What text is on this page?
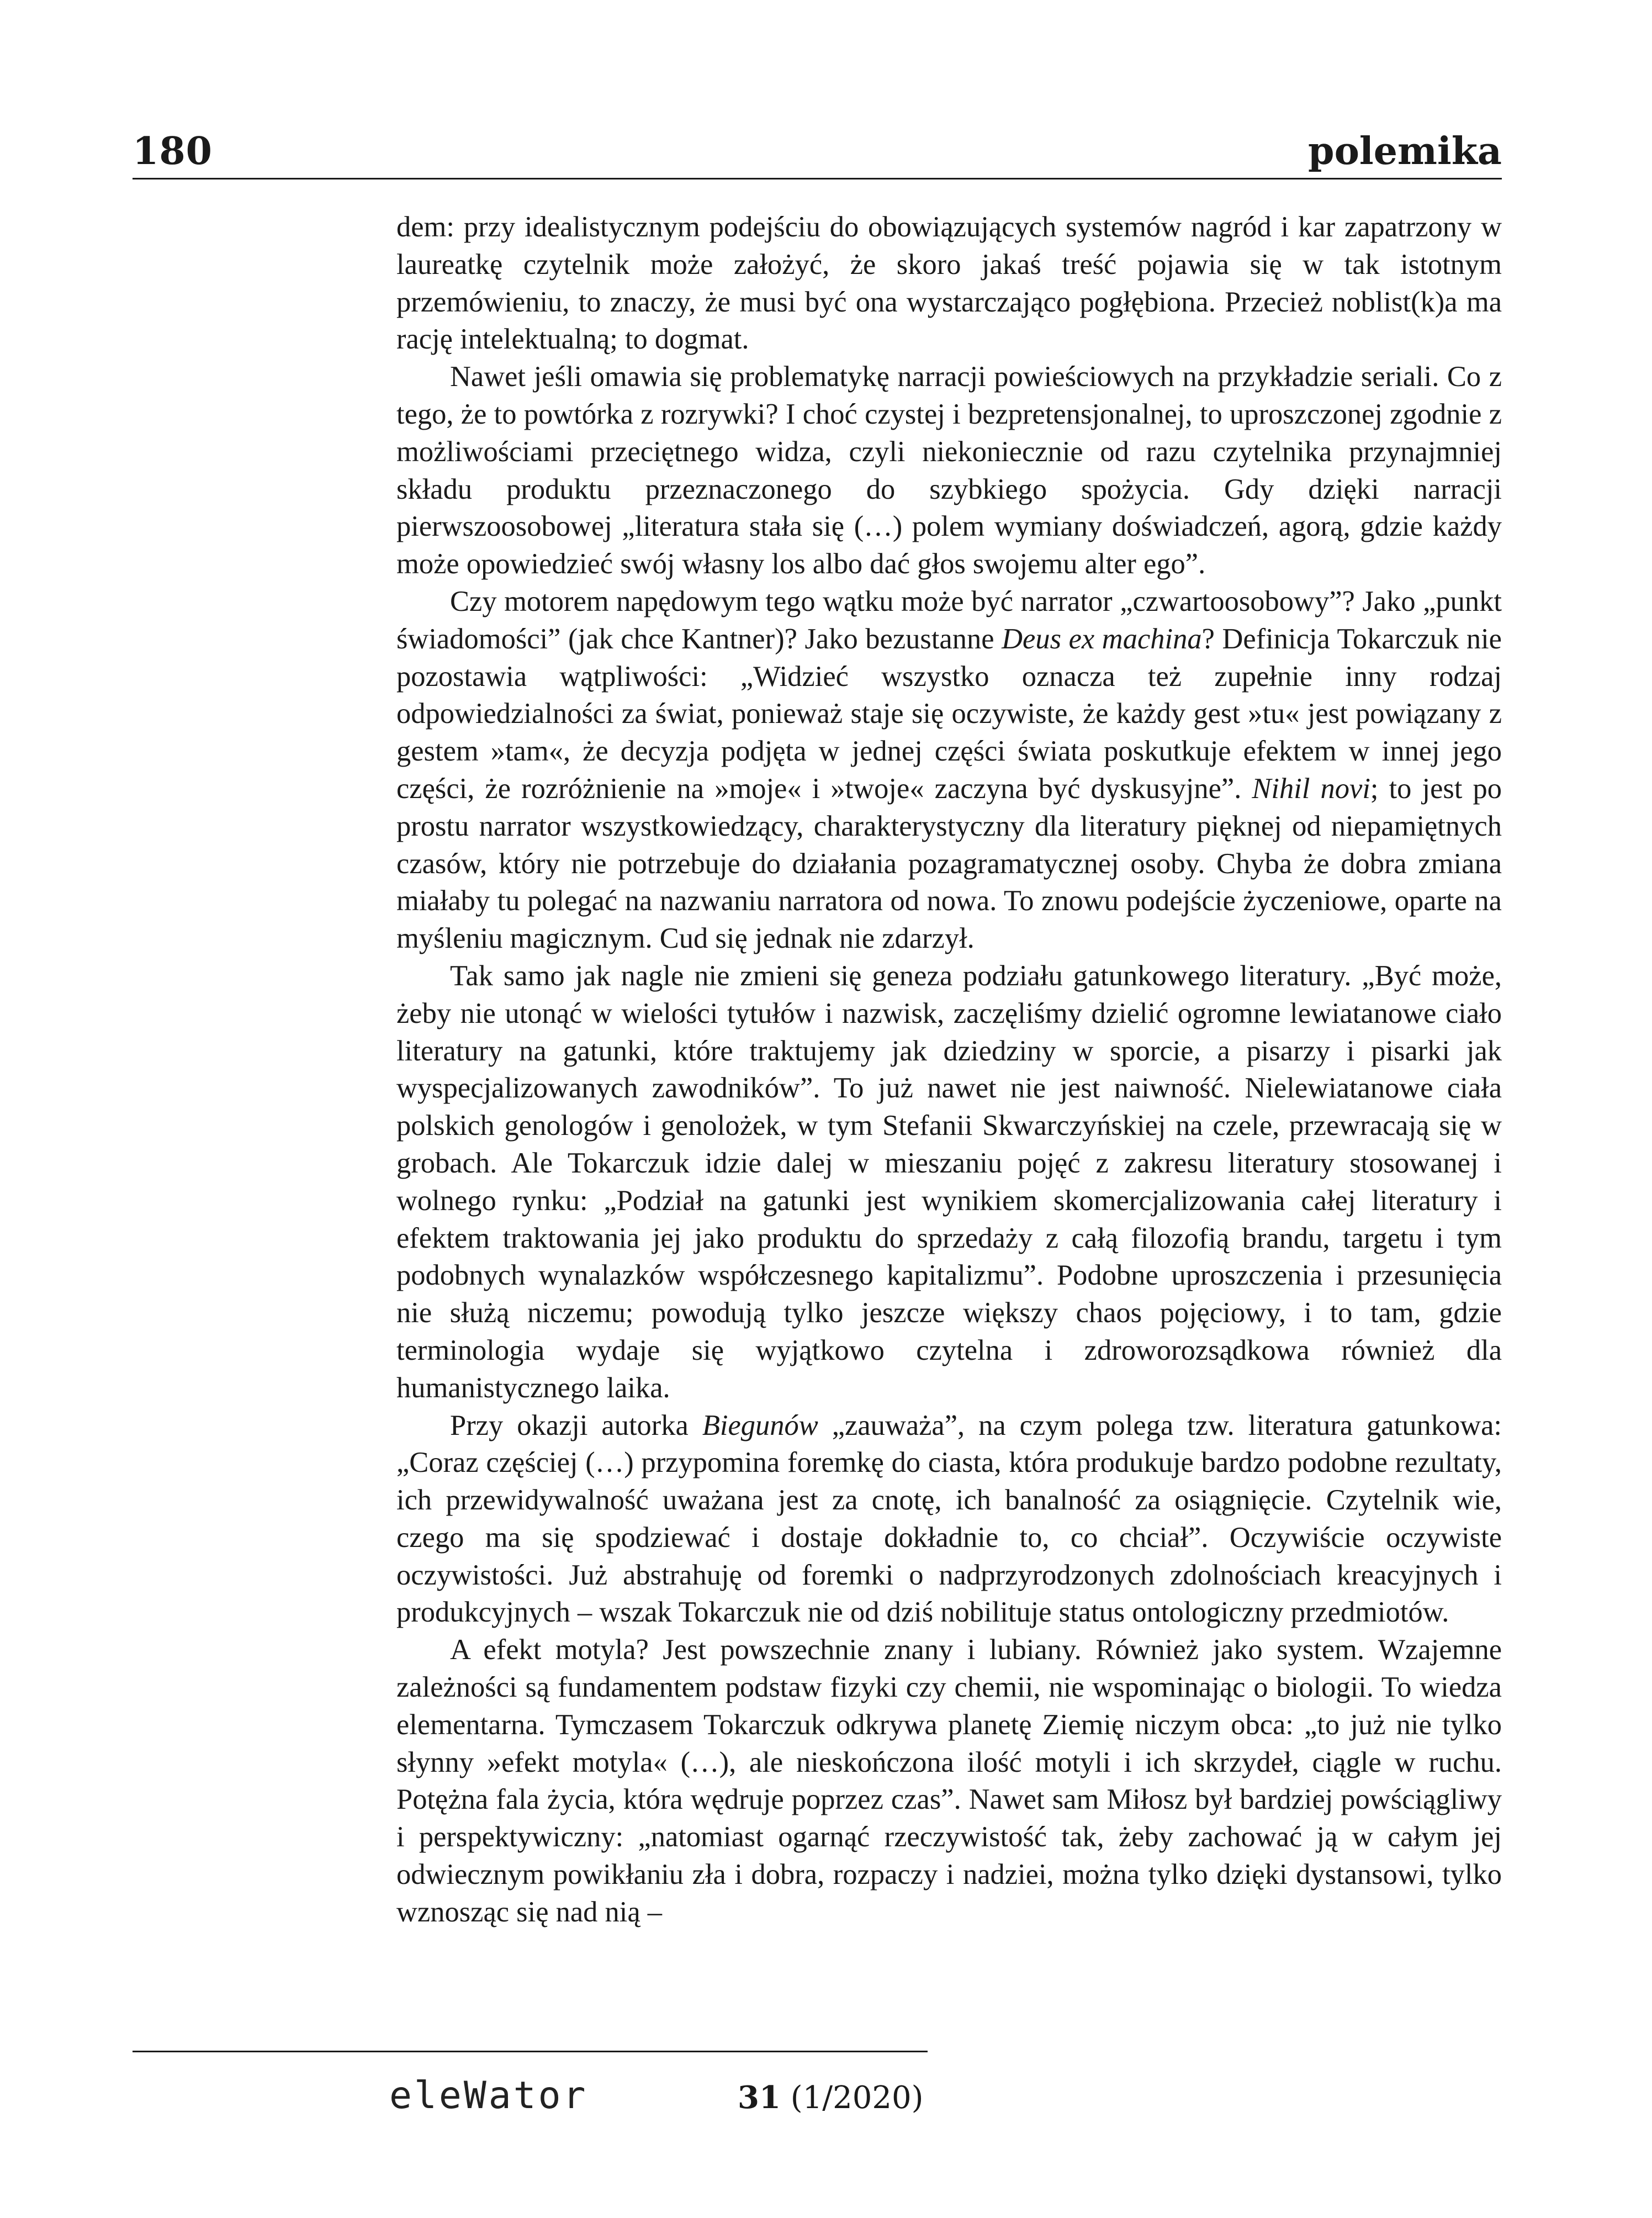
180	polemika

dem: przy idealistycznym podejściu do obowiązujących systemów nagród i kar zapatrzony w laureatkę czytelnik może założyć, że skoro jakaś treść pojawia się w tak istotnym przemówieniu, to znaczy, że musi być ona wystarczająco pogłębiona. Przecież noblist(k)a ma rację intelektualną; to dogmat.

Nawet jeśli omawia się problematykę narracji powieściowych na przykładzie seriali. Co z tego, że to powtórka z rozrywki? I choć czystej i bezpretensjonalnej, to uproszczonej zgodnie z możliwościami przeciętnego widza, czyli niekoniecznie od razu czytelnika przynajmniej składu produktu przeznaczonego do szybkiego spożycia. Gdy dzięki narracji pierwszoosobowej „literatura stała się (…) polem wymiany doświadczeń, agorą, gdzie każdy może opowiedzieć swój własny los albo dać głos swojemu alter ego”.

Czy motorem napędowym tego wątku może być narrator „czwartoosobowy”? Jako „punkt świadomości” (jak chce Kantner)? Jako bezustanne Deus ex machina? Definicja Tokarczuk nie pozostawia wątpliwości: „Widzieć wszystko oznacza też zupełnie inny rodzaj odpowiedzialności za świat, ponieważ staje się oczywiste, że każdy gest »tu« jest powiązany z gestem »tam«, że decyzja podjęta w jednej części świata poskutkuje efektem w innej jego części, że rozróżnienie na »moje« i »twoje« zaczyna być dyskusyjne”. Nihil novi; to jest po prostu narrator wszystkowiedzący, charakterystyczny dla literatury pięknej od niepamiętnych czasów, który nie potrzebuje do działania pozagramatycznej osoby. Chyba że dobra zmiana miałaby tu polegać na nazwaniu narratora od nowa. To znowu podejście życzeniowe, oparte na myśleniu magicznym. Cud się jednak nie zdarzył.

Tak samo jak nagle nie zmieni się geneza podziału gatunkowego literatury. „Być może, żeby nie utonąć w wielości tytułów i nazwisk, zaczęliśmy dzielić ogromne lewiatanowe ciało literatury na gatunki, które traktujemy jak dziedziny w sporcie, a pisarzy i pisarki jak wyspecjalizowanych zawodników”. To już nawet nie jest naiwność. Nielewiatanowe ciała polskich genologów i genolożek, w tym Stefanii Skwarczyńskiej na czele, przewracają się w grobach. Ale Tokarczuk idzie dalej w mieszaniu pojęć z zakresu literatury stosowanej i wolnego rynku: „Podział na gatunki jest wynikiem skomercjalizowania całej literatury i efektem traktowania jej jako produktu do sprzedaży z całą filozofią brandu, targetu i tym podobnych wynalazków współczesnego kapitalizmu”. Podobne uproszczenia i przesunięcia nie służą niczemu; powodują tylko jeszcze większy chaos pojęciowy, i to tam, gdzie terminologia wydaje się wyjątkowo czytelna i zdroworozsądkowa również dla humanistycznego laika.

Przy okazji autorka Biegunów „zauważa”, na czym polega tzw. literatura gatunkowa: „Coraz częściej (…) przypomina foremkę do ciasta, która produkuje bardzo podobne rezultaty, ich przewidywalność uważana jest za cnotę, ich banalność za osiągnięcie. Czytelnik wie, czego ma się spodziewać i dostaje dokładnie to, co chciał”. Oczywiście oczywiste oczywistości. Już abstrahuję od foremki o nadprzyrodzonych zdolnościach kreacyjnych i produkcyjnych – wszak Tokarczuk nie od dziś nobilituje status ontologiczny przedmiotów.

A efekt motyla? Jest powszechnie znany i lubiany. Również jako system. Wzajemne zależności są fundamentem podstaw fizyki czy chemii, nie wspominając o biologii. To wiedza elementarna. Tymczasem Tokarczuk odkrywa planetę Ziemię niczym obca: „to już nie tylko słynny »efekt motyla« (…), ale nieskończona ilość motyli i ich skrzydeł, ciągle w ruchu. Potężna fala życia, która wędruje poprzez czas”. Nawet sam Miłosz był bardziej powściągliwy i perspektywiczny: „natomiast ogarnąć rzeczywistość tak, żeby zachować ją w całym jej odwiecznym powikłaniu zła i dobra, rozpaczy i nadziei, można tylko dzięki dystansowi, tylko wznosząc się nad nią –

eleWator	31 (1/2020)
